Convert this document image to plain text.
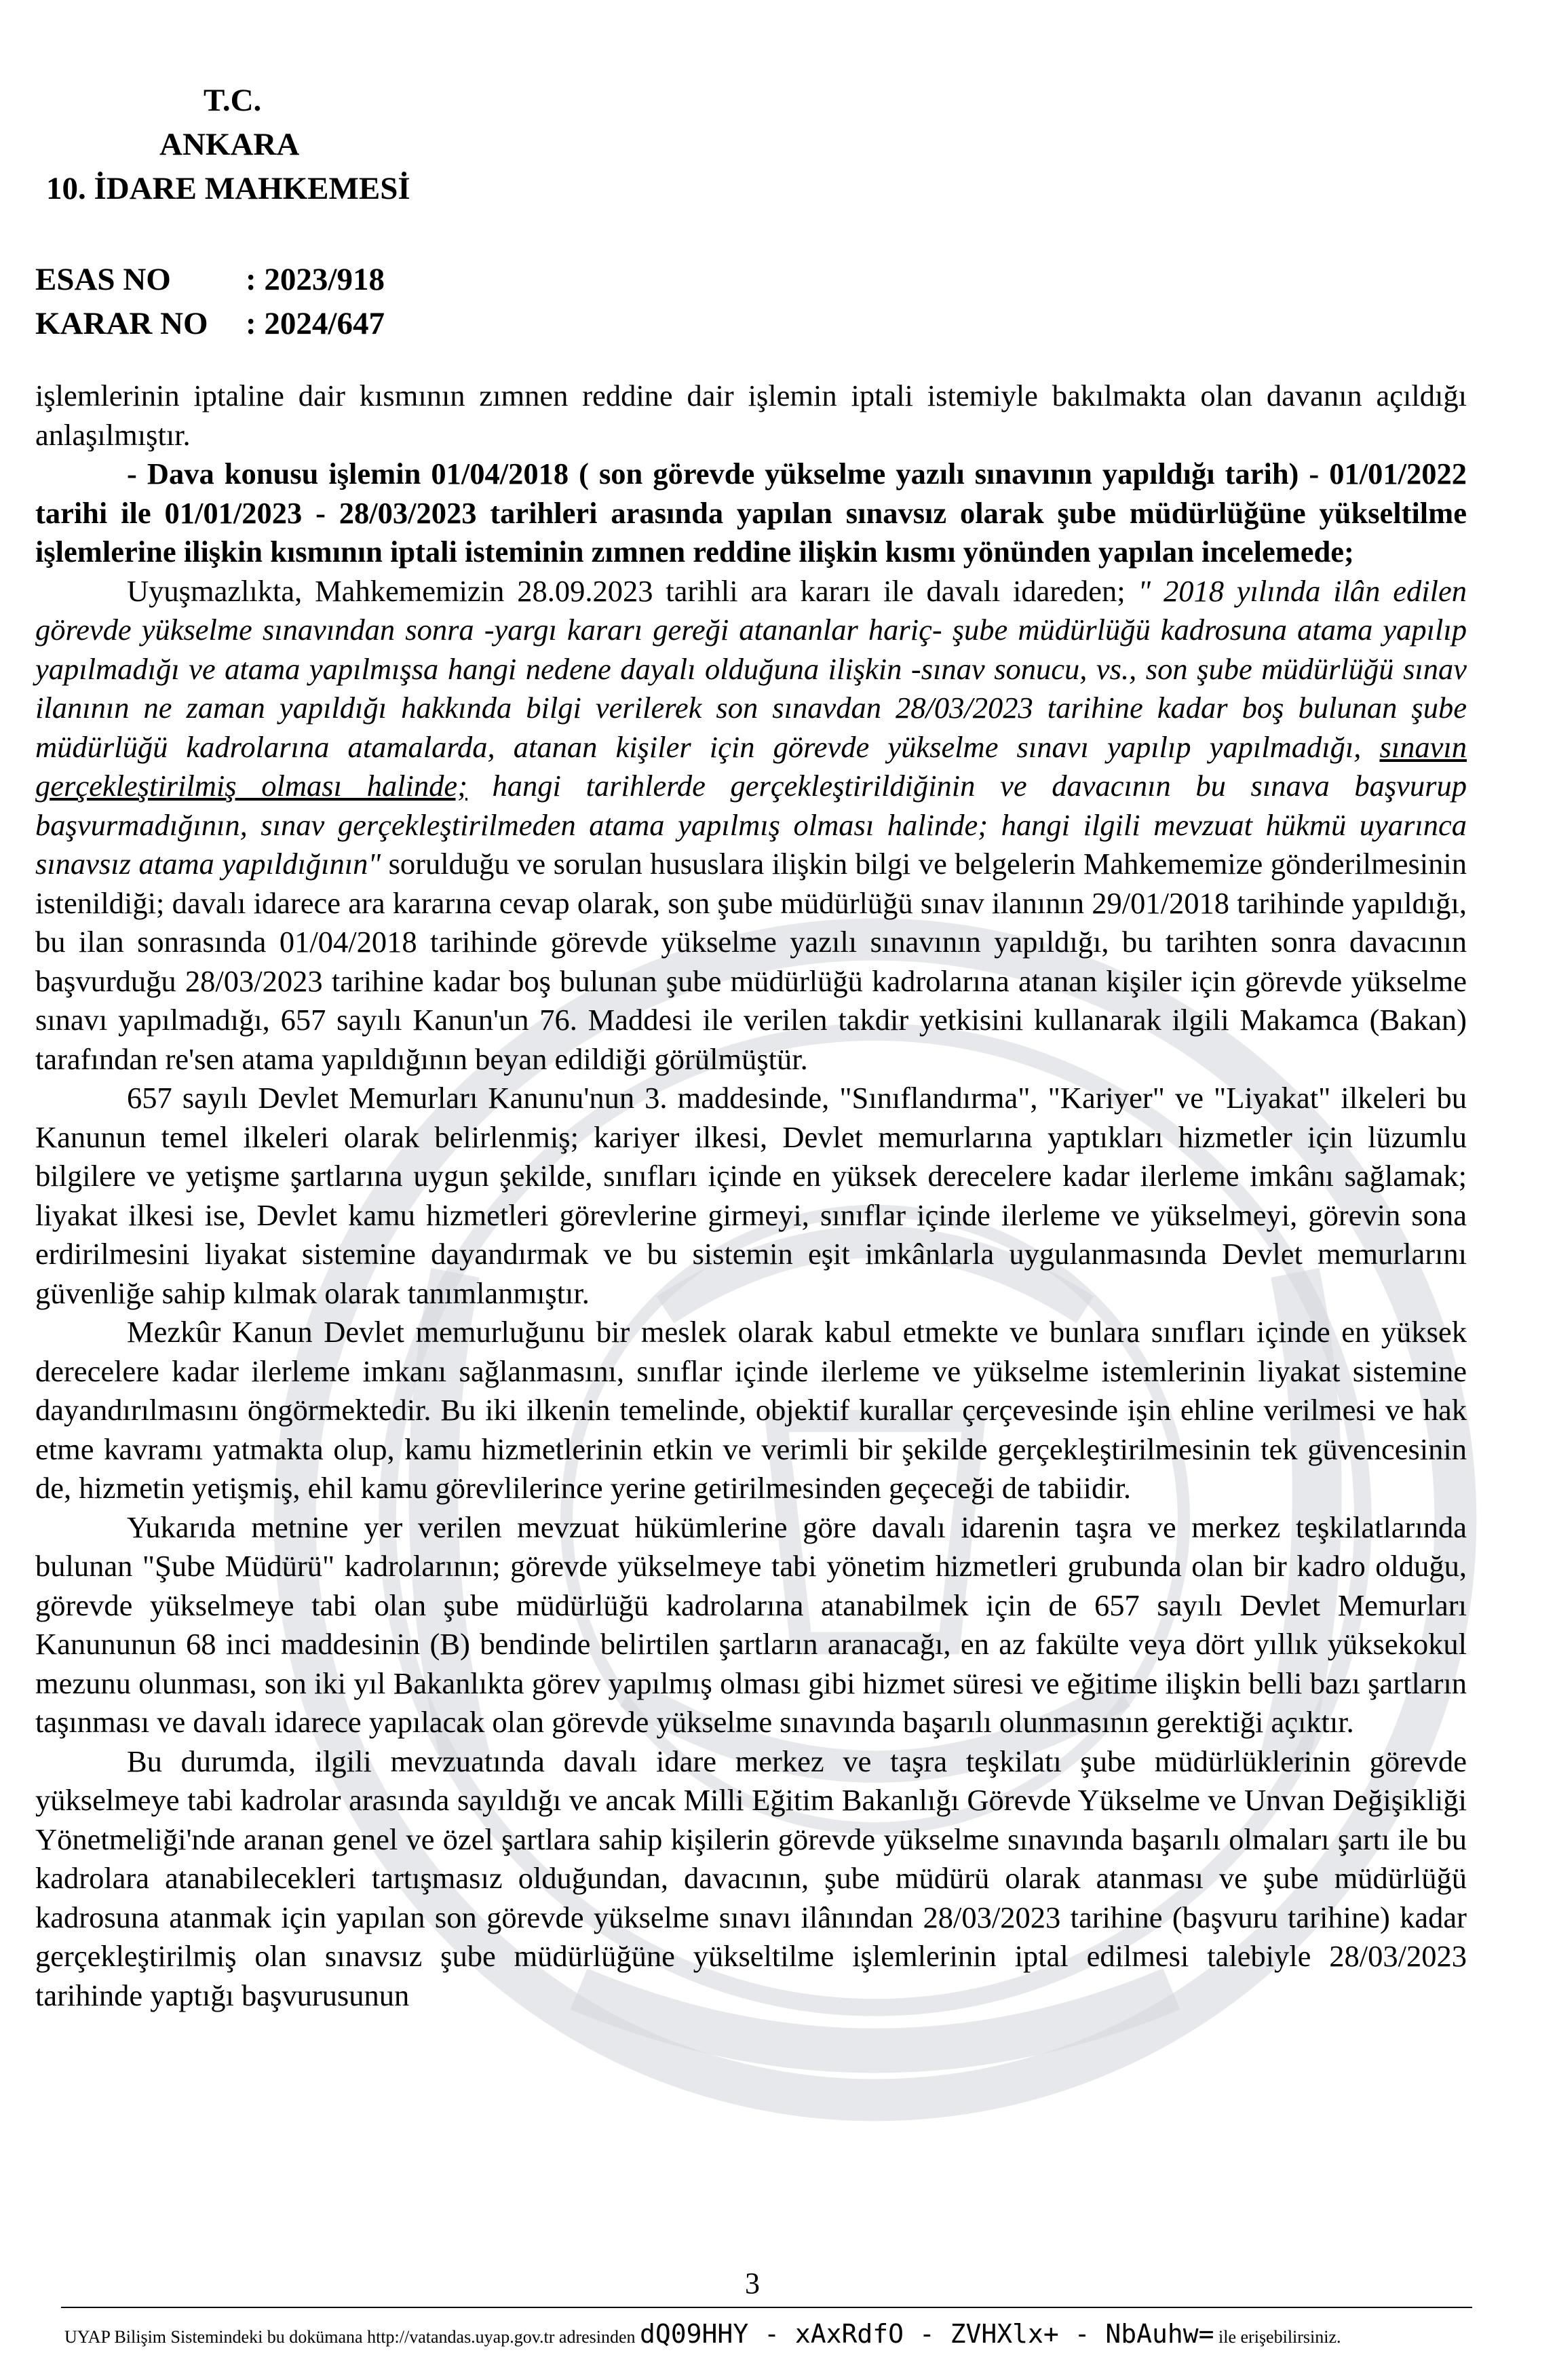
T.C.
ANKARA
10. İDARE MAHKEMESİ
ESAS NO : 2023/918
KARAR NO : 2024/647

işlemlerinin iptaline dair kısmının zımnen reddine dair işlemin iptali istemiyle bakılmakta olan davanın açıldığı anlaşılmıştır.

- Dava konusu işlemin 01/04/2018 ( son görevde yükselme yazılı sınavının yapıldığı tarih) - 01/01/2022 tarihi ile 01/01/2023 - 28/03/2023 tarihleri arasında yapılan sınavsız olarak şube müdürlüğüne yükseltilme işlemlerine ilişkin kısmının iptali isteminin zımnen reddine ilişkin kısmı yönünden yapılan incelemede;

Uyuşmazlıkta, Mahkememizin 28.09.2023 tarihli ara kararı ile davalı idareden; " 2018 yılında ilân edilen görevde yükselme sınavından sonra -yargı kararı gereği atananlar hariç- şube müdürlüğü kadrosuna atama yapılıp yapılmadığı ve atama yapılmışsa hangi nedene dayalı olduğuna ilişkin -sınav sonucu, vs., son şube müdürlüğü sınav ilanının ne zaman yapıldığı hakkında bilgi verilerek son sınavdan 28/03/2023 tarihine kadar boş bulunan şube müdürlüğü kadrolarına atamalarda, atanan kişiler için görevde yükselme sınavı yapılıp yapılmadığı, sınavın gerçekleştirilmiş olması halinde; hangi tarihlerde gerçekleştirildiğinin ve davacının bu sınava başvurup başvurmadığının, sınav gerçekleştirilmeden atama yapılmış olması halinde; hangi ilgili mevzuat hükmü uyarınca sınavsız atama yapıldığının" sorulduğu ve sorulan hususlara ilişkin bilgi ve belgelerin Mahkememize gönderilmesinin istenildiği; davalı idarece ara kararına cevap olarak, son şube müdürlüğü sınav ilanının 29/01/2018 tarihinde yapıldığı, bu ilan sonrasında 01/04/2018 tarihinde görevde yükselme yazılı sınavının yapıldığı, bu tarihten sonra davacının başvurduğu 28/03/2023 tarihine kadar boş bulunan şube müdürlüğü kadrolarına atanan kişiler için görevde yükselme sınavı yapılmadığı, 657 sayılı Kanun'un 76. Maddesi ile verilen takdir yetkisini kullanarak ilgili Makamca (Bakan) tarafından re'sen atama yapıldığının beyan edildiği görülmüştür.

657 sayılı Devlet Memurları Kanunu'nun 3. maddesinde, "Sınıflandırma", "Kariyer" ve "Liyakat" ilkeleri bu Kanunun temel ilkeleri olarak belirlenmiş; kariyer ilkesi, Devlet memurlarına yaptıkları hizmetler için lüzumlu bilgilere ve yetişme şartlarına uygun şekilde, sınıfları içinde en yüksek derecelere kadar ilerleme imkânı sağlamak; liyakat ilkesi ise, Devlet kamu hizmetleri görevlerine girmeyi, sınıflar içinde ilerleme ve yükselmeyi, görevin sona erdirilmesini liyakat sistemine dayandırmak ve bu sistemin eşit imkânlarla uygulanmasında Devlet memurlarını güvenliğe sahip kılmak olarak tanımlanmıştır.

Mezkûr Kanun Devlet memurluğunu bir meslek olarak kabul etmekte ve bunlara sınıfları içinde en yüksek derecelere kadar ilerleme imkanı sağlanmasını, sınıflar içinde ilerleme ve yükselme istemlerinin liyakat sistemine dayandırılmasını öngörmektedir. Bu iki ilkenin temelinde, objektif kurallar çerçevesinde işin ehline verilmesi ve hak etme kavramı yatmakta olup, kamu hizmetlerinin etkin ve verimli bir şekilde gerçekleştirilmesinin tek güvencesinin de, hizmetin yetişmiş, ehil kamu görevlilerince yerine getirilmesinden geçeceği de tabiidir.

Yukarıda metnine yer verilen mevzuat hükümlerine göre davalı idarenin taşra ve merkez teşkilatlarında bulunan "Şube Müdürü" kadrolarının; görevde yükselmeye tabi yönetim hizmetleri grubunda olan bir kadro olduğu, görevde yükselmeye tabi olan şube müdürlüğü kadrolarına atanabilmek için de 657 sayılı Devlet Memurları Kanununun 68 inci maddesinin (B) bendinde belirtilen şartların aranacağı, en az fakülte veya dört yıllık yüksekokul mezunu olunması, son iki yıl Bakanlıkta görev yapılmış olması gibi hizmet süresi ve eğitime ilişkin belli bazı şartların taşınması ve davalı idarece yapılacak olan görevde yükselme sınavında başarılı olunmasının gerektiği açıktır.

Bu durumda, ilgili mevzuatında davalı idare merkez ve taşra teşkilatı şube müdürlüklerinin görevde yükselmeye tabi kadrolar arasında sayıldığı ve ancak Milli Eğitim Bakanlığı Görevde Yükselme ve Unvan Değişikliği Yönetmeliği'nde aranan genel ve özel şartlara sahip kişilerin görevde yükselme sınavında başarılı olmaları şartı ile bu kadrolara atanabilecekleri tartışmasız olduğundan, davacının, şube müdürü olarak atanması ve şube müdürlüğü kadrosuna atanmak için yapılan son görevde yükselme sınavı ilânından 28/03/2023 tarihine (başvuru tarihine) kadar gerçekleştirilmiş olan sınavsız şube müdürlüğüne yükseltilme işlemlerinin iptal edilmesi talebiyle 28/03/2023 tarihinde yaptığı başvurusunun

3
UYAP Bilişim Sistemindeki bu dokümana http://vatandas.uyap.gov.tr adresinden dQ09HHY - xAxRdfO - ZVHXlx+ - NbAuhw= ile erişebilirsiniz.
